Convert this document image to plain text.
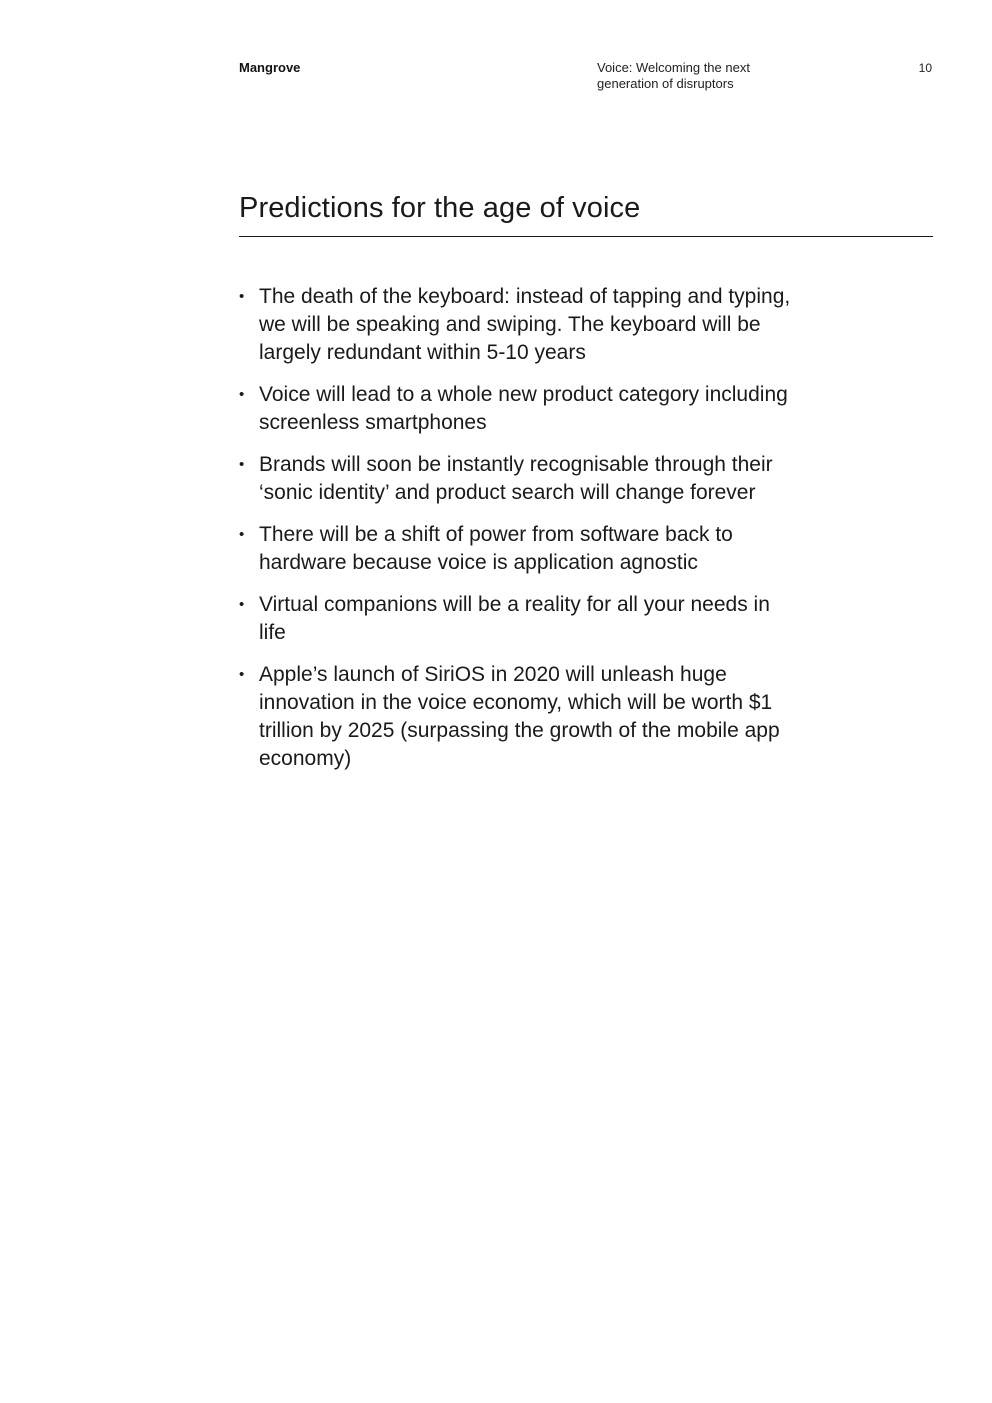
Mangrove	Voice: Welcoming the next generation of disruptors
10
Predictions for the age of voice
• The death of the keyboard: instead of tapping and typing, we will be speaking and swiping. The keyboard will be largely redundant within 5-10 years
• Voice will lead to a whole new product category including screenless smartphones
• Brands will soon be instantly recognisable through their ‘sonic identity’ and product search will change forever
• There will be a shift of power from software back to hardware because voice is application agnostic
• Virtual companions will be a reality for all your needs in life
• Apple’s launch of SiriOS in 2020 will unleash huge innovation in the voice economy, which will be worth $1 trillion by 2025 (surpassing the growth of the mobile app economy)
